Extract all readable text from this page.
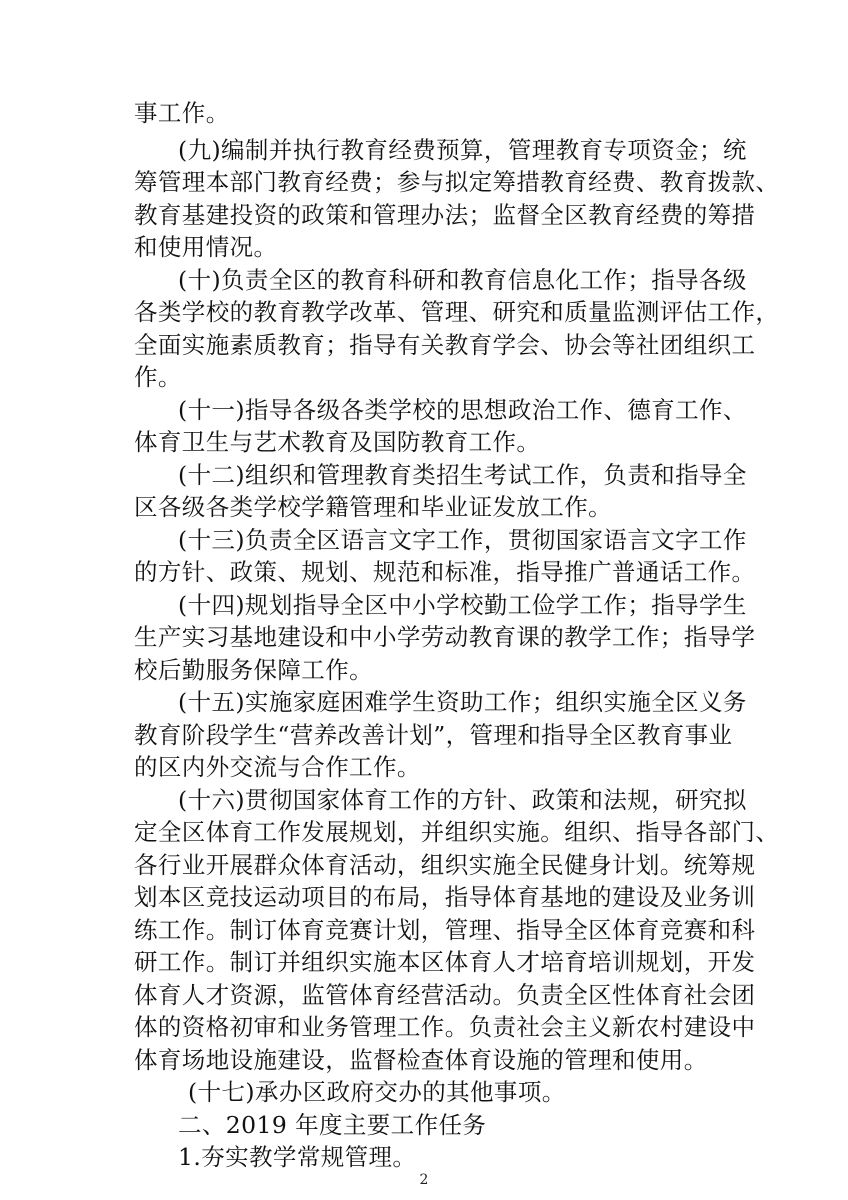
事工作。
(九)编制并执行教育经费预算，管理教育专项资金；统
筹管理本部门教育经费；参与拟定筹措教育经费、教育拨款、
教育基建投资的政策和管理办法；监督全区教育经费的筹措
和使用情况。
(十)负责全区的教育科研和教育信息化工作；指导各级
各类学校的教育教学改革、管理、研究和质量监测评估工作，
全面实施素质教育；指导有关教育学会、协会等社团组织工
作。
(十一)指导各级各类学校的思想政治工作、德育工作、
体育卫生与艺术教育及国防教育工作。
(十二)组织和管理教育类招生考试工作，负责和指导全
区各级各类学校学籍管理和毕业证发放工作。
(十三)负责全区语言文字工作，贯彻国家语言文字工作
的方针、政策、规划、规范和标准，指导推广普通话工作。
(十四)规划指导全区中小学校勤工俭学工作；指导学生
生产实习基地建设和中小学劳动教育课的教学工作；指导学
校后勤服务保障工作。
(十五)实施家庭困难学生资助工作；组织实施全区义务
教育阶段学生“营养改善计划”，管理和指导全区教育事业
的区内外交流与合作工作。
(十六)贯彻国家体育工作的方针、政策和法规，研究拟
定全区体育工作发展规划，并组织实施。组织、指导各部门、
各行业开展群众体育活动，组织实施全民健身计划。统筹规
划本区竞技运动项目的布局，指导体育基地的建设及业务训
练工作。制订体育竞赛计划，管理、指导全区体育竞赛和科
研工作。制订并组织实施本区体育人才培育培训规划，开发
体育人才资源，监管体育经营活动。负责全区性体育社会团
体的资格初审和业务管理工作。负责社会主义新农村建设中
体育场地设施建设，监督检查体育设施的管理和使用。
(十七)承办区政府交办的其他事项。
二、2019 年度主要工作任务
1.夯实教学常规管理。
2
